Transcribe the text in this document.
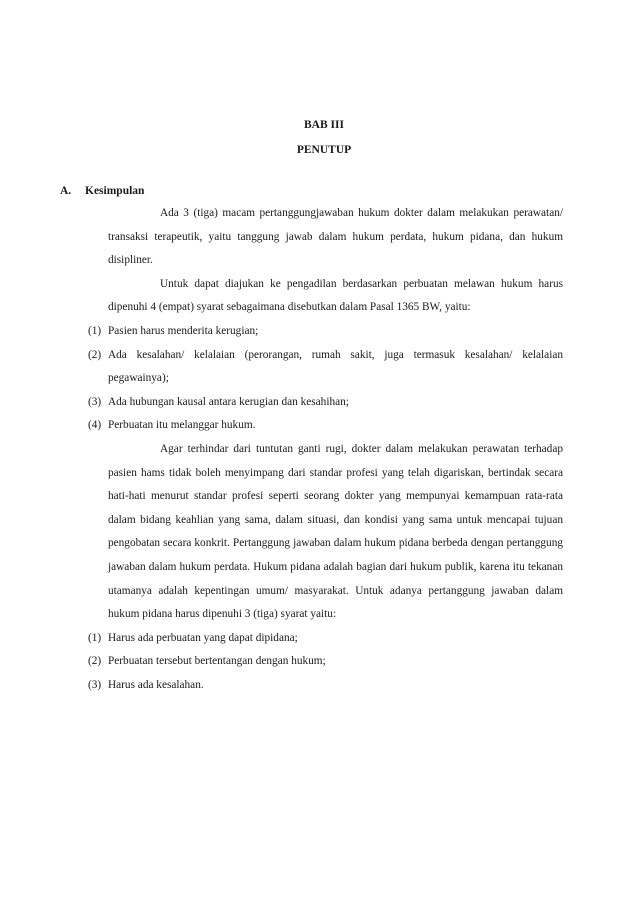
BAB III
PENUTUP
A. Kesimpulan

Ada 3 (tiga) macam pertanggungjawaban hukum dokter dalam melakukan perawatan/ transaksi terapeutik, yaitu tanggung jawab dalam hukum perdata, hukum pidana, dan hukum disipliner.

Untuk dapat diajukan ke pengadilan berdasarkan perbuatan melawan hukum harus dipenuhi 4 (empat) syarat sebagaimana disebutkan dalam Pasal 1365 BW, yaitu:

(1) Pasien harus menderita kerugian;

(2) Ada kesalahan/ kelalaian (perorangan, rumah sakit, juga termasuk kesalahan/ kelalaian pegawainya);

(3) Ada hubungan kausal antara kerugian dan kesahihan;

(4) Perbuatan itu melanggar hukum.

Agar terhindar dari tuntutan ganti rugi, dokter dalam melakukan perawatan terhadap pasien hams tidak boleh menyimpang dari standar profesi yang telah digariskan, bertindak secara hati-hati menurut standar profesi seperti seorang dokter yang mempunyai kemampuan rata-rata dalam bidang keahlian yang sama, dalam situasi, dan kondisi yang sama untuk mencapai tujuan pengobatan secara konkrit. Pertanggung jawaban dalam hukum pidana berbeda dengan pertanggung jawaban dalam hukum perdata. Hukum pidana adalah bagian dari hukum publik, karena itu tekanan utamanya adalah kepentingan umum/ masyarakat. Untuk adanya pertanggung jawaban dalam hukum pidana harus dipenuhi 3 (tiga) syarat yaitu:

(1) Harus ada perbuatan yang dapat dipidana;

(2) Perbuatan tersebut bertentangan dengan hukum;

(3) Harus ada kesalahan.
